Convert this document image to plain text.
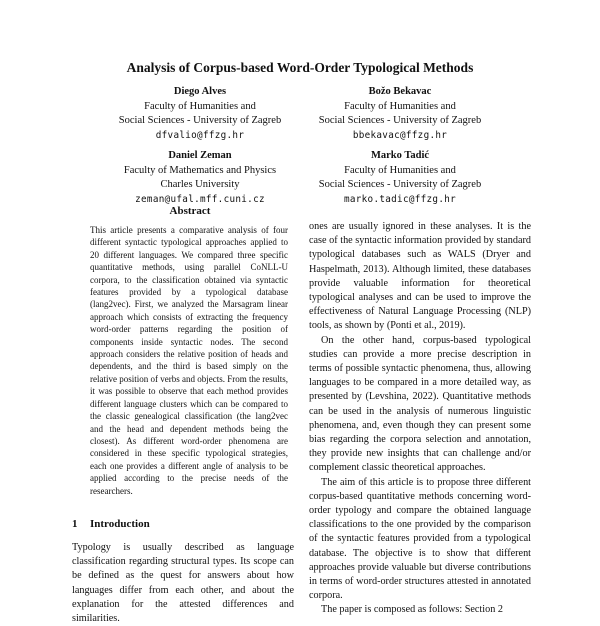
Analysis of Corpus-based Word-Order Typological Methods
Diego Alves
Faculty of Humanities and
Social Sciences - University of Zagreb
dfvalio@ffzg.hr
Božo Bekavac
Faculty of Humanities and
Social Sciences - University of Zagreb
bbekavac@ffzg.hr
Daniel Zeman
Faculty of Mathematics and Physics
Charles University
zeman@ufal.mff.cuni.cz
Marko Tadić
Faculty of Humanities and
Social Sciences - University of Zagreb
marko.tadic@ffzg.hr
Abstract
This article presents a comparative analysis of four different syntactic typological approaches applied to 20 different languages. We compared three specific quantitative methods, using parallel CoNLL-U corpora, to the classification obtained via syntactic features provided by a typological database (lang2vec). First, we analyzed the Marsagram linear approach which consists of extracting the frequency word-order patterns regarding the position of components inside syntactic nodes. The second approach considers the relative position of heads and dependents, and the third is based simply on the relative position of verbs and objects. From the results, it was possible to observe that each method provides different language clusters which can be compared to the classic genealogical classification (the lang2vec and the head and dependent methods being the closest). As different word-order phenomena are considered in these specific typological strategies, each one provides a different angle of analysis to be applied according to the precise needs of the researchers.
1 Introduction
Typology is usually described as language classification regarding structural types. Its scope can be defined as the quest for answers about how languages differ from each other, and about the explanation for the attested differences and similarities.

ones are usually ignored in these analyses. It is the case of the syntactic information provided by standard typological databases such as WALS (Dryer and Haspelmath, 2013). Although limited, these databases provide valuable information for theoretical typological analyses and can be used to improve the effectiveness of Natural Language Processing (NLP) tools, as shown by (Ponti et al., 2019).

On the other hand, corpus-based typological studies can provide a more precise description in terms of possible syntactic phenomena, thus, allowing languages to be compared in a more detailed way, as presented by (Levshina, 2022). Quantitative methods can be used in the analysis of numerous linguistic phenomena, and, even though they can present some bias regarding the corpora selection and annotation, they provide new insights that can challenge and/or complement classic theoretical approaches.

The aim of this article is to propose three different corpus-based quantitative methods concerning word-order typology and compare the obtained language classifications to the one provided by the comparison of the syntactic features provided from a typological database. The objective is to show that different approaches provide valuable but diverse contributions in terms of word-order structures attested in annotated corpora.

The paper is composed as follows: Section 2
